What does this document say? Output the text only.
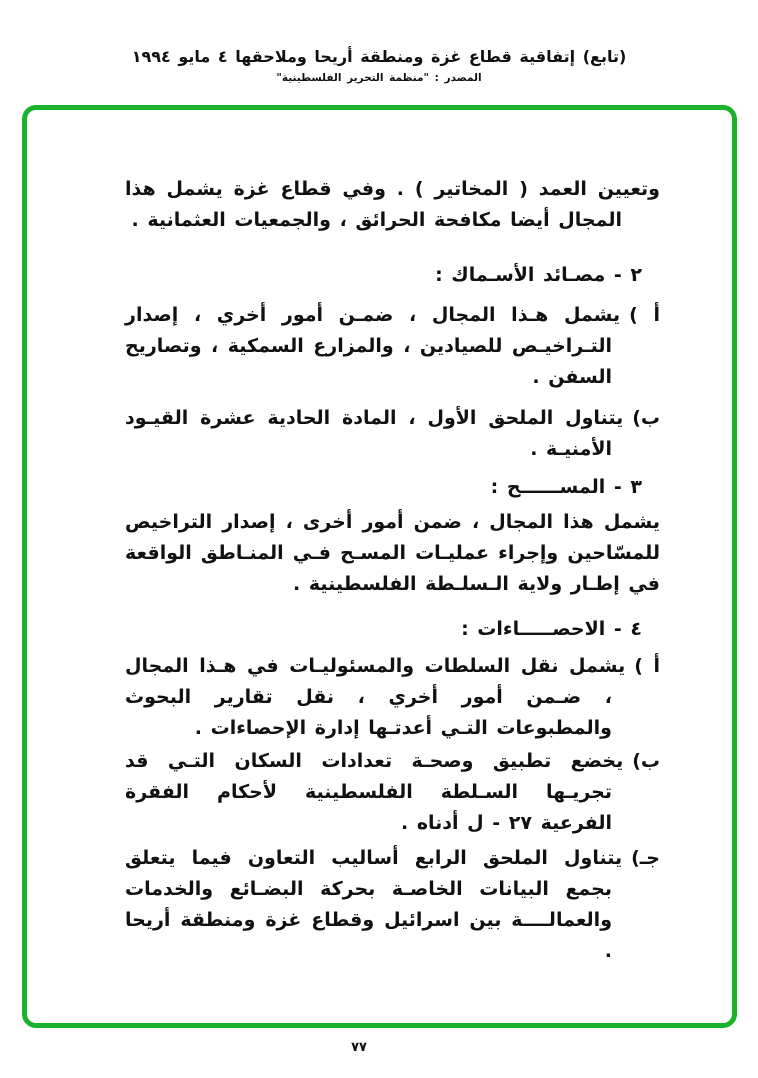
(تابع) إتفاقية قطاع غزة ومنطقة أريحا وملاحقها ٤ مايو ١٩٩٤
المصدر : "منظمة التحرير الفلسطينية"

وتعيين العمد ( المخاتير ) . وفي قطاع غزة يشمل هذا المجال أيضا مكافحة الحرائق ، والجمعيات العثمانية .

٢ - مصـائد الأسـماك :

أ )يشمل هـذا المجال ، ضمـن أمور أخري ، إصدار التـراخيـص للصيادين ، والمزارع السمكية ، وتصاريح السفن .

ب)يتناول الملحق الأول ، المادة الحادية عشرة القيـود الأمنيـة .

٣ - المســــــح :

يشمل هذا المجال ، ضمن أمور أخرى ، إصدار التراخيص للمسّاحين وإجراء عمليـات المسـح فـي المنـاطق الواقعة في إطـار ولاية الـسلـطة الفلسطينية .

٤ - الاحصـــــاءات :

أ )يشمل نقل السلطات والمسئوليـات في هـذا المجال ، ضـمن أمور أخري ، نقل تقارير البحوث والمطبوعات التـي أعدتـها إدارة الإحصاءات .

ب)يخضع تطبيق وصحـة تعدادات السكان التـي قد تجريـها السـلطة الفلسطينية لأحكام الفقرة الفرعية ٢٧ - ل أدناه .

جـ)يتناول الملحق الرابع أساليب التعاون فيما يتعلق بجمع البيانات الخاصـة بحركة البضـائع والخدمات والعمالــــة بين اسرائيل وقطاع غزة ومنطقة أريحا .

٧٧
